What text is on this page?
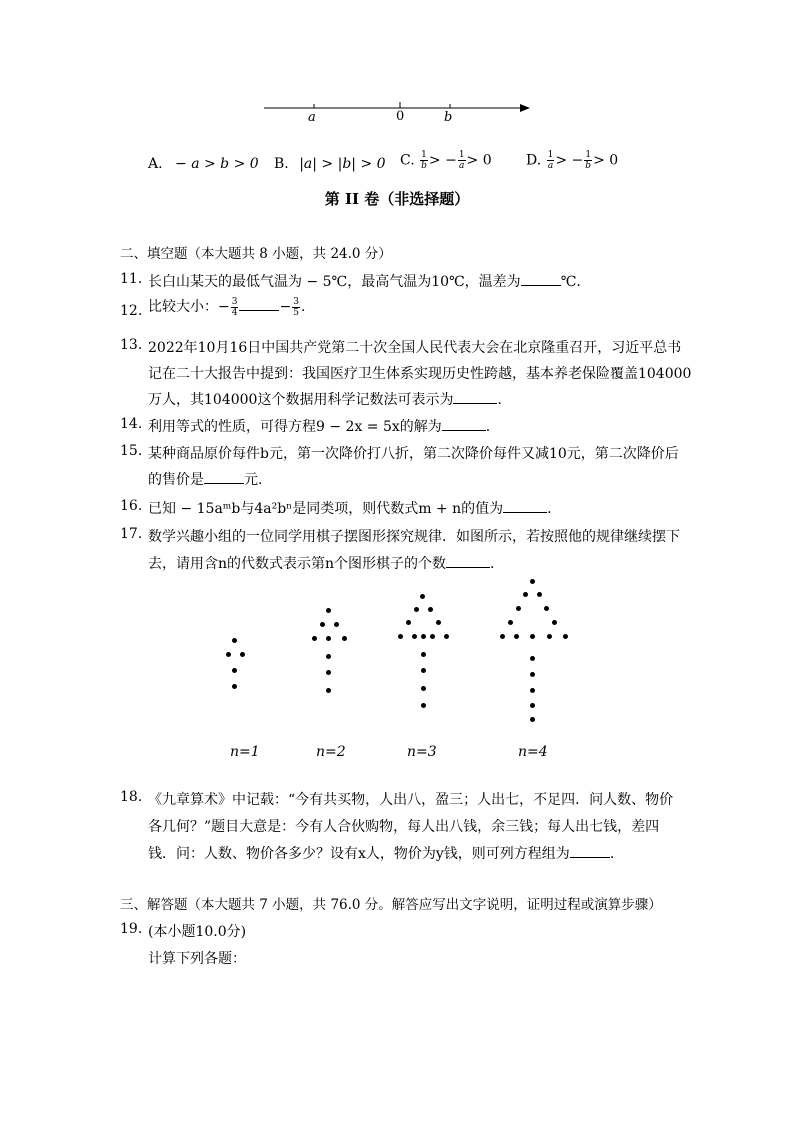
a	0	b
A. − a > b > 0 B. |a| > |b| > 0 C. $\frac{1}{b}$ > − $\frac{1}{a} > 0$ D. $\frac{1}{a}$ > − $\frac{1}{b} > 0$
第 II 卷（非选择题）
二、填空题（本大题共 8 小题，共 24.0 分）
11. 长白山某天的最低气温为 − 5℃，最高气温为10℃，温差为	℃.
12. 比较大小：− $\frac{3}{4}$	− $\frac{3}{5}$ .
13. 2022年10月16日中国共产党第二十次全国人民代表大会在北京隆重召开，习近平总书
记在二十大报告中提到：我国医疗卫生体系实现历史性跨越，基本养老保险覆盖104000
万人，其104000这个数据用科学记数法可表示为	.
14. 利用等式的性质，可得方程9 − 2x = 5x的解为	.
15. 某种商品原价每件b元，第一次降价打八折，第二次降价每件又减10元，第二次降价后
的售价是	元.
16. 已知 − 15aᵐb与4a²bⁿ是同类项，则代数式m + n的值为	.
17. 数学兴趣小组的一位同学用棋子摆图形探究规律．如图所示，若按照他的规律继续摆下
去，请用含n的代数式表示第n个图形棋子的个数	.
n=1	n=2	n=3	n=4
18. 《九章算术》中记载：“今有共买物，人出八，盈三；人出七，不足四．问人数、物价
各几何？”题目大意是：今有人合伙购物，每人出八钱，余三钱；每人出七钱，差四
钱．问：人数、物价各多少？设有x人，物价为y钱，则可列方程组为	.
三、解答题（本大题共 7 小题，共 76.0 分。解答应写出文字说明，证明过程或演算步骤）
19. (本小题10.0分)
计算下列各题：
